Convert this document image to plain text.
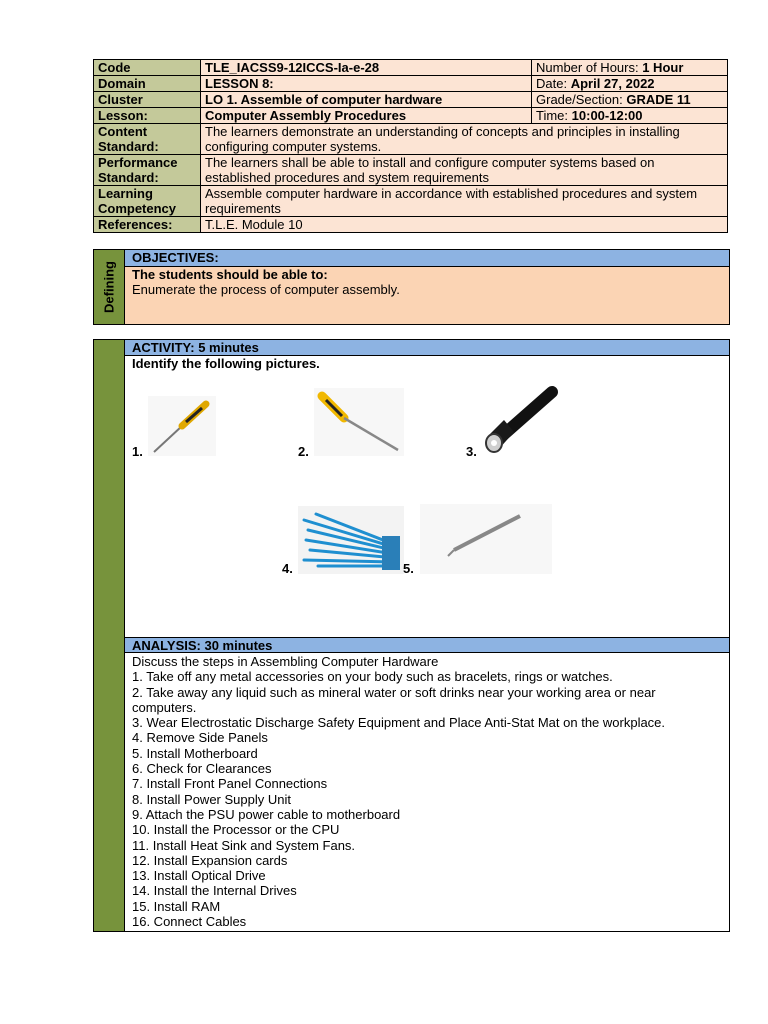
Code	TLE_IACSS9-12ICCS-Ia-e-28	Number of Hours: 1 Hour
Domain	LESSON 8:	Date: April 27, 2022
Cluster	LO 1. Assemble of computer hardware	Grade/Section: GRADE 11
Lesson:	Computer Assembly Procedures	Time: 10:00-12:00
Content Standard:	The learners demonstrate an understanding of concepts and principles in installing configuring computer systems.	
Performance Standard:	The learners shall be able to install and configure computer systems based on established procedures and system requirements	
Learning Competency	Assemble computer hardware in accordance with established procedures and system requirements	
References:	T.L.E. Module 10	
Defining
OBJECTIVES:
The students should be able to:
Enumerate the process of computer assembly.
ACTIVITY: 5 minutes
Identify the following pictures.
1.	2.	3.
4.	5.
ANALYSIS: 30 minutes
Discuss the steps in Assembling Computer Hardware
1. Take off any metal accessories on your body such as bracelets, rings or watches.
2. Take away any liquid such as mineral water or soft drinks near your working area or near computers.
3. Wear Electrostatic Discharge Safety Equipment and Place Anti-Stat Mat on the workplace.
4. Remove Side Panels
5. Install Motherboard
6. Check for Clearances
7. Install Front Panel Connections
8. Install Power Supply Unit
9. Attach the PSU power cable to motherboard
10. Install the Processor or the CPU
11. Install Heat Sink and System Fans.
12. Install Expansion cards
13. Install Optical Drive
14. Install the Internal Drives
15. Install RAM
16. Connect Cables
